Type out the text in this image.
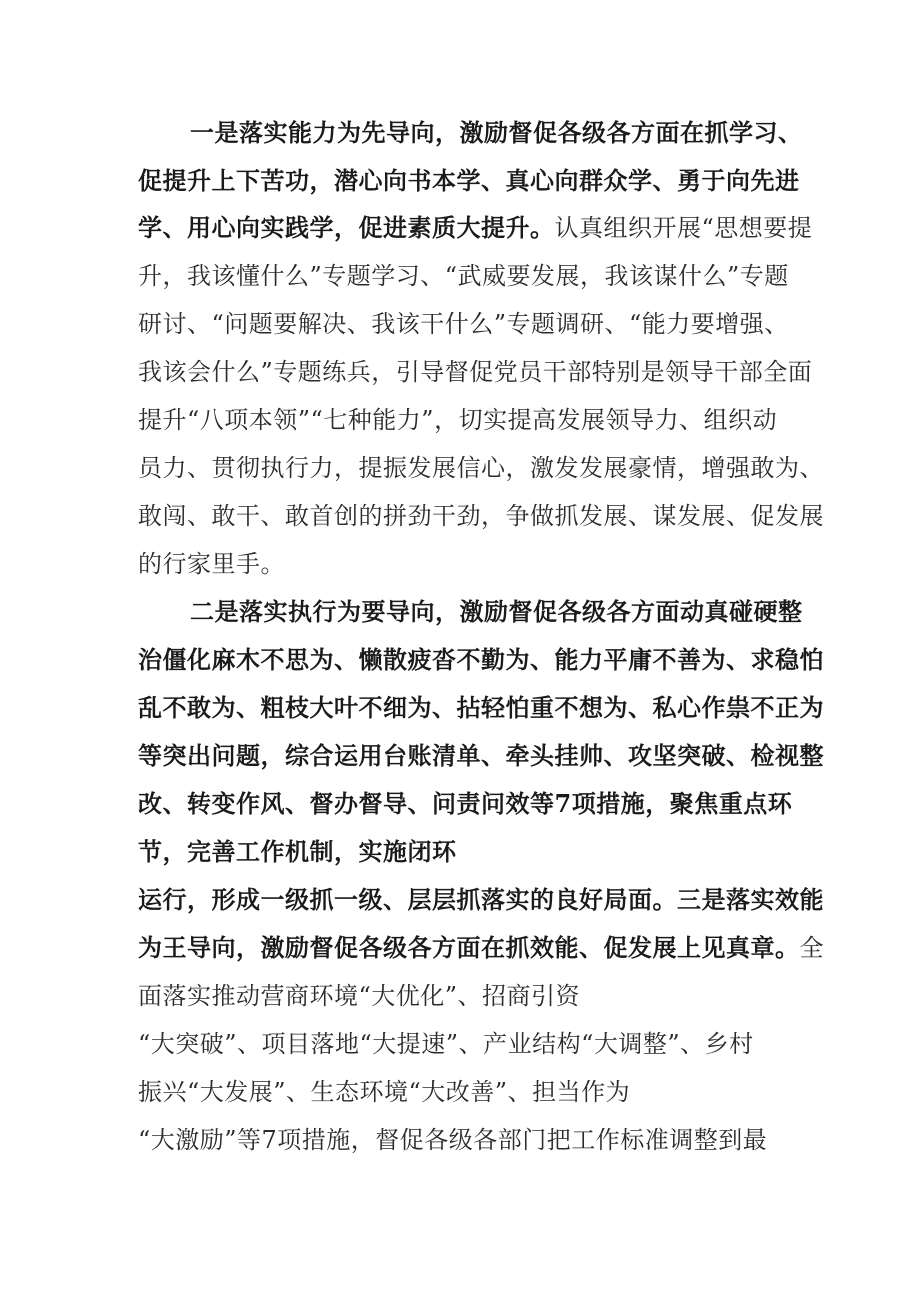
一是落实能力为先导向，激励督促各级各方面在抓学习、
促提升上下苦功，潜心向书本学、真心向群众学、勇于向先进
学、用心向实践学，促进素质大提升。认真组织开展“思想要提
升，我该懂什么”专题学习、“武威要发展，我该谋什么”专题
研讨、“问题要解决、我该干什么”专题调研、“能力要增强、
我该会什么”专题练兵，引导督促党员干部特别是领导干部全面
提升“八项本领”“七种能力”，切实提高发展领导力、组织动
员力、贯彻执行力，提振发展信心，激发发展豪情，增强敢为、
敢闯、敢干、敢首创的拼劲干劲，争做抓发展、谋发展、促发展
的行家里手。
二是落实执行为要导向，激励督促各级各方面动真碰硬整
治僵化麻木不思为、懒散疲沓不勤为、能力平庸不善为、求稳怕
乱不敢为、粗枝大叶不细为、拈轻怕重不想为、私心作祟不正为
等突出问题，综合运用台账清单、牵头挂帅、攻坚突破、检视整
改、转变作风、督办督导、问责问效等7项措施，聚焦重点环
节，完善工作机制，实施闭环
运行，形成一级抓一级、层层抓落实的良好局面。三是落实效能
为王导向，激励督促各级各方面在抓效能、促发展上见真章。全
面落实推动营商环境“大优化”、招商引资
“大突破”、项目落地“大提速”、产业结构“大调整”、乡村
振兴“大发展”、生态环境“大改善”、担当作为
“大激励”等7项措施，督促各级各部门把工作标准调整到最
